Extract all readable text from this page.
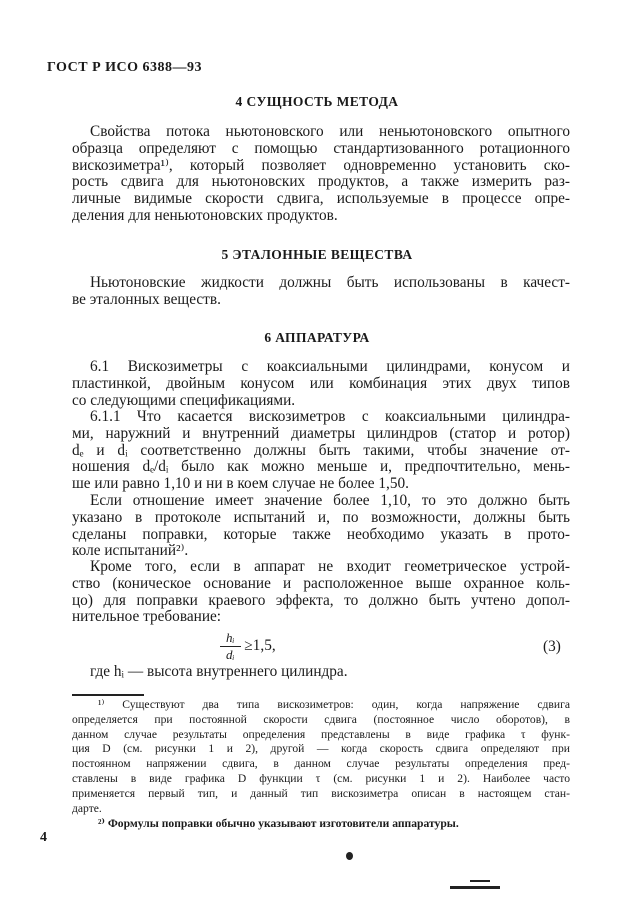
ГОСТ Р ИСО 6388—93
4 СУЩНОСТЬ МЕТОДА
Свойства потока ньютоновского или неньютоновского опытного
образца определяют с помощью стандартизованного ротационного
вискозиметра¹⁾, который позволяет одновременно установить ско-
рость сдвига для ньютоновских продуктов, а также измерить раз-
личные видимые скорости сдвига, используемые в процессе опре-
деления для неньютоновских продуктов.
5 ЭТАЛОННЫЕ ВЕЩЕСТВА
Ньютоновские жидкости должны быть использованы в качест-
ве эталонных веществ.
6 АППАРАТУРА
6.1 Вискозиметры с коаксиальными цилиндрами, конусом и
пластинкой, двойным конусом или комбинация этих двух типов
со следующими спецификациями.
6.1.1 Что касается вискозиметров с коаксиальными цилиндра-
ми, наружний и внутренний диаметры цилиндров (статор и ротор)
dₑ и dᵢ соответственно должны быть такими, чтобы значение от-
ношения dₑ/dᵢ было как можно меньше и, предпочтительно, мень-
ше или равно 1,10 и ни в коем случае не более 1,50.
Если отношение имеет значение более 1,10, то это должно быть
указано в протоколе испытаний и, по возможности, должны быть
сделаны поправки, которые также необходимо указать в прото-
коле испытаний²⁾.
Кроме того, если в аппарат не входит геометрическое устрой-
ство (коническое основание и расположенное выше охранное коль-
цо) для поправки краевого эффекта, то должно быть учтено допол-
нительное требование:
$\frac{\text{hᵢ}}{\text{dᵢ}} \ge 1,5$,	(3)
где hᵢ — высота внутреннего цилиндра.
¹⁾ Существуют два типа вискозиметров: один, когда напряжение сдвига
определяется при постоянной скорости сдвига (постоянное число оборотов), в
данном случае результаты определения представлены в виде графика τ функ-
ция D (см. рисунки 1 и 2), другой — когда скорость сдвига определяют при
постоянном напряжении сдвига, в данном случае результаты определения пред-
ставлены в виде графика D функции τ (см. рисунки 1 и 2). Наиболее часто
применяется первый тип, и данный тип вискозиметра описан в настоящем стан-
дарте.
²⁾ Формулы поправки обычно указывают изготовители аппаратуры.
4
